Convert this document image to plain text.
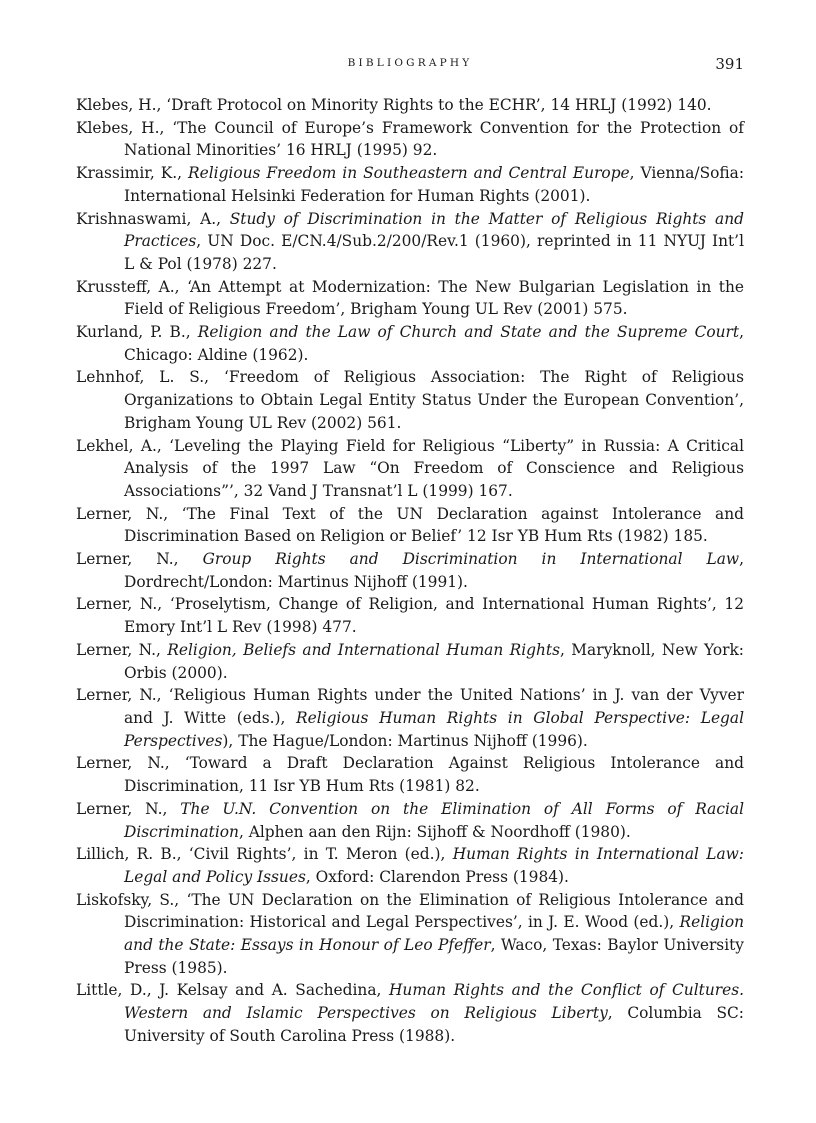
BIBLIOGRAPHY	391

Klebes, H., ‘Draft Protocol on Minority Rights to the ECHR’, 14 HRLJ (1992) 140.

Klebes, H., ‘The Council of Europe’s Framework Convention for the Protection of National Minorities’ 16 HRLJ (1995) 92.

Krassimir, K., Religious Freedom in Southeastern and Central Europe, Vienna/Sofia: International Helsinki Federation for Human Rights (2001).

Krishnaswami, A., Study of Discrimination in the Matter of Religious Rights and Practices, UN Doc. E/CN.4/Sub.2/200/Rev.1 (1960), reprinted in 11 NYUJ Int’l L & Pol (1978) 227.

Krussteff, A., ‘An Attempt at Modernization: The New Bulgarian Legislation in the Field of Religious Freedom’, Brigham Young UL Rev (2001) 575.

Kurland, P. B., Religion and the Law of Church and State and the Supreme Court, Chicago: Aldine (1962).

Lehnhof, L. S., ‘Freedom of Religious Association: The Right of Religious Organizations to Obtain Legal Entity Status Under the European Convention’, Brigham Young UL Rev (2002) 561.

Lekhel, A., ‘Leveling the Playing Field for Religious “Liberty” in Russia: A Critical Analysis of the 1997 Law “On Freedom of Conscience and Religious Associations”’, 32 Vand J Transnat’l L (1999) 167.

Lerner, N., ‘The Final Text of the UN Declaration against Intolerance and Discrimination Based on Religion or Belief’ 12 Isr YB Hum Rts (1982) 185.

Lerner, N., Group Rights and Discrimination in International Law, Dordrecht/London: Martinus Nijhoff (1991).

Lerner, N., ‘Proselytism, Change of Religion, and International Human Rights’, 12 Emory Int’l L Rev (1998) 477.

Lerner, N., Religion, Beliefs and International Human Rights, Maryknoll, New York: Orbis (2000).

Lerner, N., ‘Religious Human Rights under the United Nations’ in J. van der Vyver and J. Witte (eds.), Religious Human Rights in Global Perspective: Legal Perspectives), The Hague/London: Martinus Nijhoff (1996).

Lerner, N., ‘Toward a Draft Declaration Against Religious Intolerance and Discrimination, 11 Isr YB Hum Rts (1981) 82.

Lerner, N., The U.N. Convention on the Elimination of All Forms of Racial Discrimination, Alphen aan den Rijn: Sijhoff & Noordhoff (1980).

Lillich, R. B., ‘Civil Rights’, in T. Meron (ed.), Human Rights in International Law: Legal and Policy Issues, Oxford: Clarendon Press (1984).

Liskofsky, S., ‘The UN Declaration on the Elimination of Religious Intolerance and Discrimination: Historical and Legal Perspectives’, in J. E. Wood (ed.), Religion and the State: Essays in Honour of Leo Pfeffer, Waco, Texas: Baylor University Press (1985).

Little, D., J. Kelsay and A. Sachedina, Human Rights and the Conflict of Cultures. Western and Islamic Perspectives on Religious Liberty, Columbia SC: University of South Carolina Press (1988).
